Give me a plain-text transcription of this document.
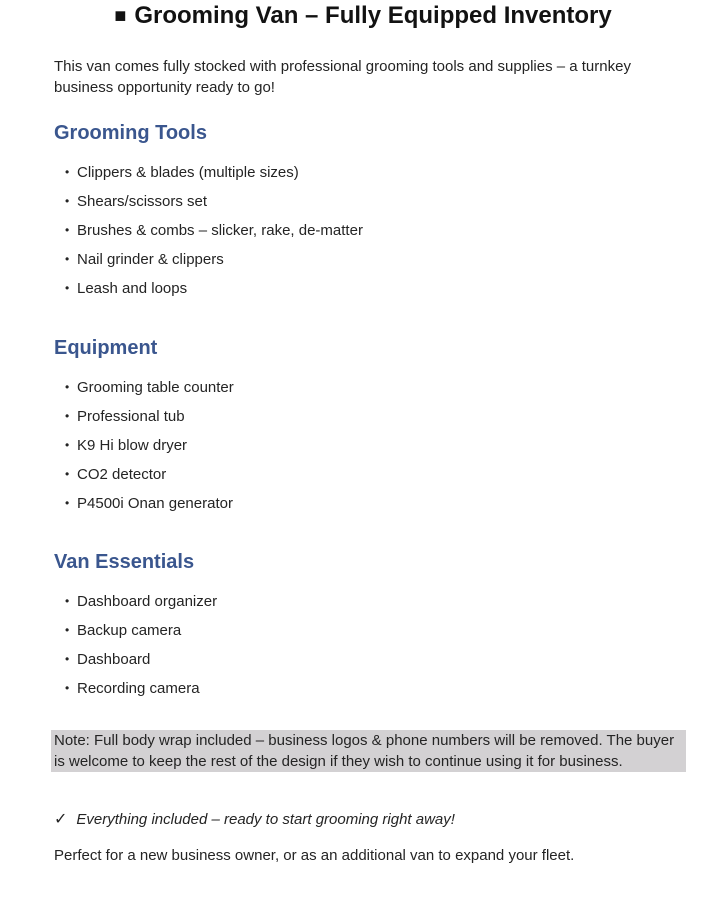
■ Grooming Van – Fully Equipped Inventory

This van comes fully stocked with professional grooming tools and supplies – a turnkey business opportunity ready to go!

Grooming Tools
• Clippers & blades (multiple sizes)
• Shears/scissors set
• Brushes & combs – slicker, rake, de-matter
• Nail grinder & clippers
• Leash and loops
Equipment
• Grooming table counter
• Professional tub
• K9 Hi blow dryer
• CO2 detector
• P4500i Onan generator
Van Essentials
• Dashboard organizer
• Backup camera
• Dashboard
• Recording camera

Note: Full body wrap included – business logos & phone numbers will be removed. The buyer is welcome to keep the rest of the design if they wish to continue using it for business.

✓ Everything included – ready to start grooming right away!

Perfect for a new business owner, or as an additional van to expand your fleet.
